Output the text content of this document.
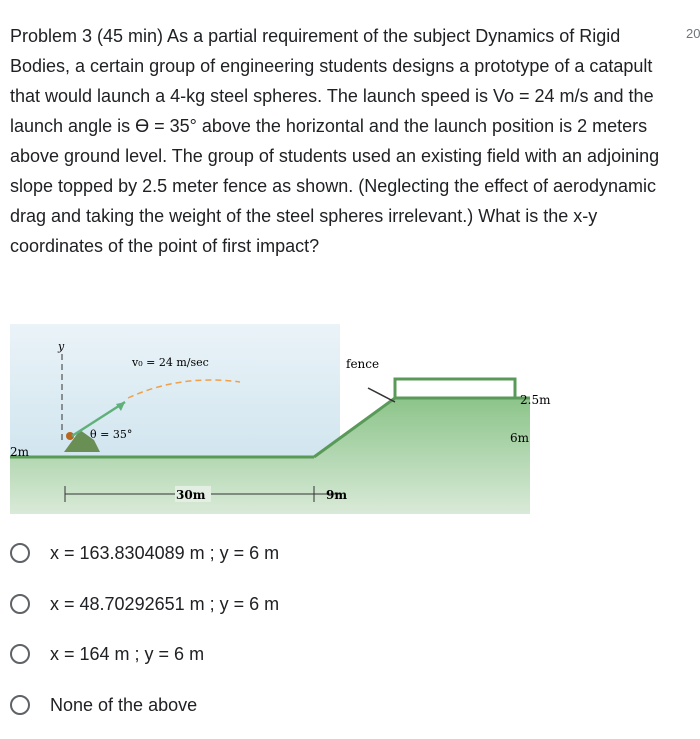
Problem 3 (45 min) As a partial requirement of the subject Dynamics of Rigid Bodies, a certain group of engineering students designs a prototype of a catapult that would launch a 4-kg steel spheres. The launch speed is Vo = 24 m/s and the launch angle is ϴ = 35° above the horizontal and the launch position is 2 meters above ground level. The group of students used an existing field with an adjoining slope topped by 2.5 meter fence as shown. (Neglecting the effect of aerodynamic drag and taking the weight of the steel spheres irrelevant.) What is the x-y coordinates of the point of first impact?

20
y
v₀ = 24 m/sec
θ = 35°
2m
fence
2.5m
6m
30m	9m
x = 163.8304089 m ; y = 6 m
x = 48.70292651 m ; y = 6 m
x = 164 m ; y = 6 m
None of the above
